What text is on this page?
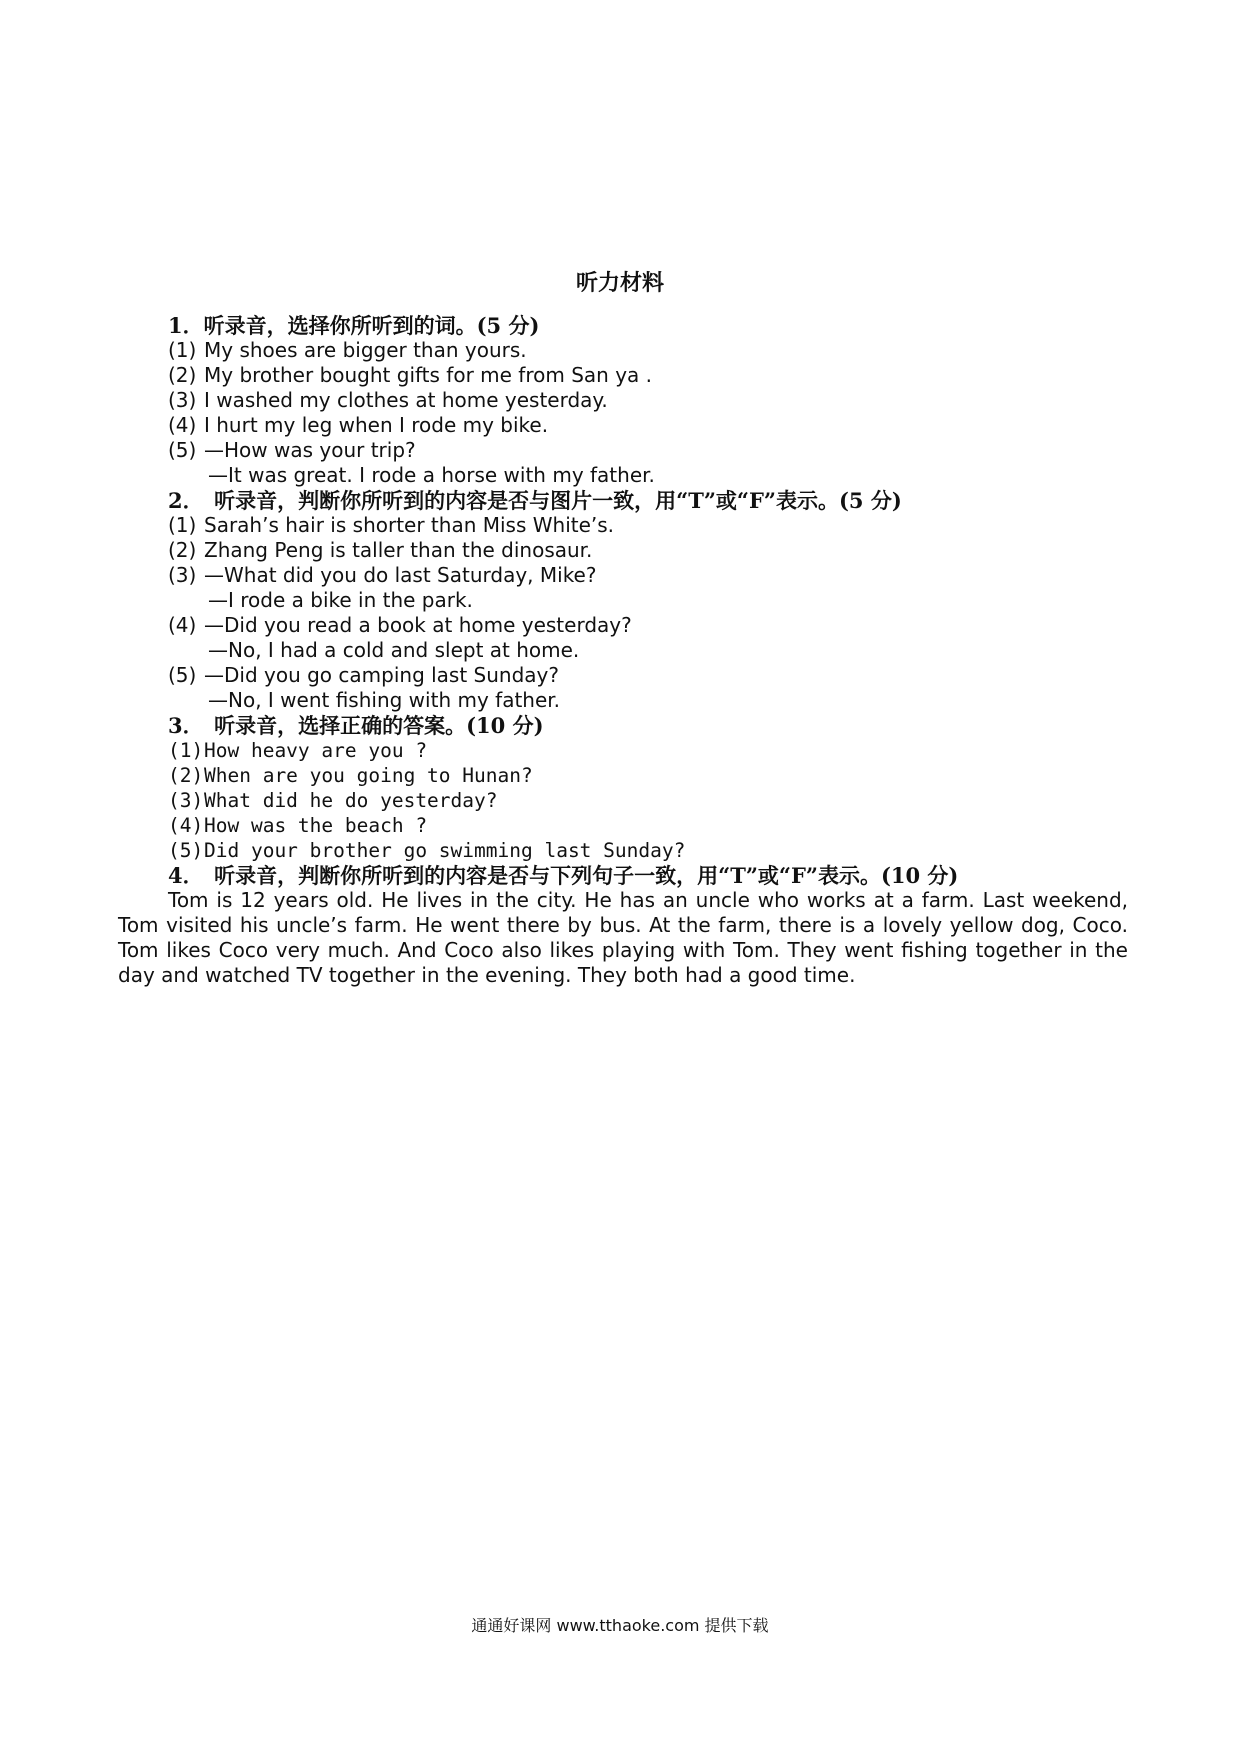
听力材料
1．听录音，选择你所听到的词。(5 分)
(1) My shoes are bigger than yours.
(2) My brother bought gifts for me from San ya .
(3) I washed my clothes at home yesterday.
(4) I hurt my leg when I rode my bike.
(5) —How was your trip?
—It was great. I rode a horse with my father.
2．　听录音，判断你所听到的内容是否与图片一致，用“T”或“F”表示。(5 分)
(1) Sarah’s hair is shorter than Miss White’s.
(2) Zhang Peng is taller than the dinosaur.
(3) —What did you do last Saturday, Mike?
—I rode a bike in the park.
(4) —Did you read a book at home yesterday?
—No, I had a cold and slept at home.
(5) —Did you go camping last Sunday?
—No, I went fishing with my father.
3．　听录音，选择正确的答案。(10 分)
(1)How heavy are you ?
(2)When are you going to Hunan?
(3)What did he do yesterday?
(4)How was the beach ?
(5)Did your brother go swimming last Sunday?
4．　听录音，判断你所听到的内容是否与下列句子一致，用“T”或“F”表示。(10 分)
Tom is 12 years old. He lives in the city. He has an uncle who works at a farm. Last weekend, Tom visited his uncle’s farm. He went there by bus. At the farm, there is a lovely yellow dog, Coco. Tom likes Coco very much. And Coco also likes playing with Tom. They went fishing together in the day and watched TV together in the evening. They both had a good time.
通通好课网 www.tthaoke.com 提供下载
